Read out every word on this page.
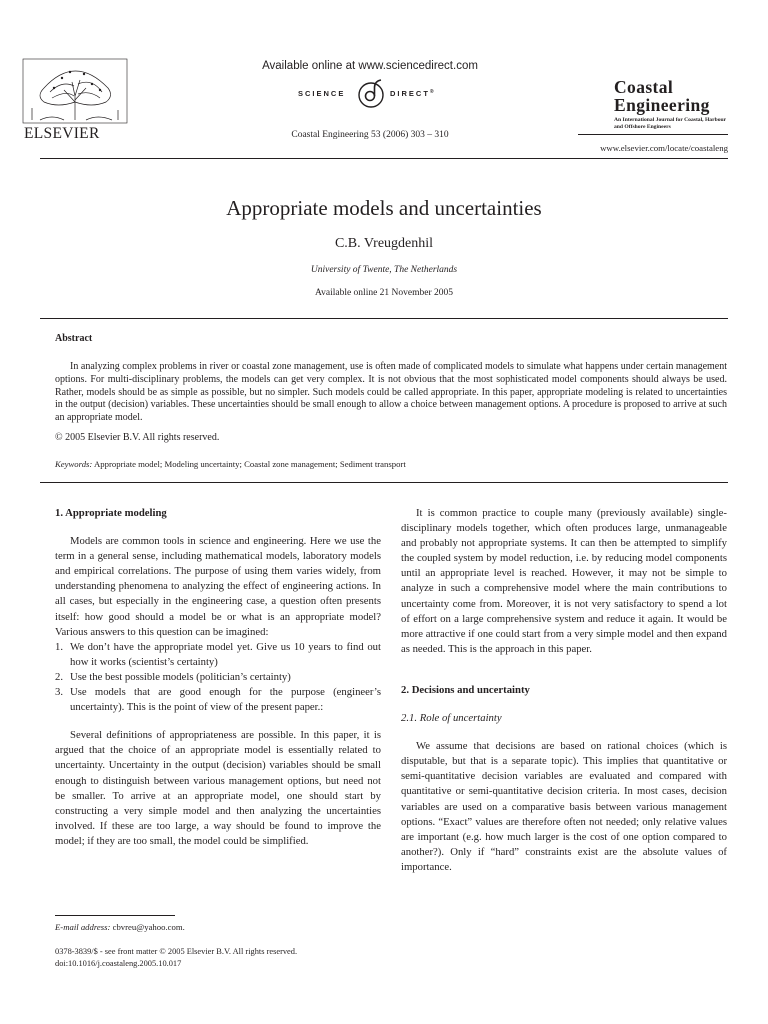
ELSEVIER
Available online at www.sciencedirect.com
SCIENCE	DIRECT®
Coastal Engineering 53 (2006) 303 – 310
Coastal
Engineering
An International Journal for Coastal, Harbour and Offshore Engineers
www.elsevier.com/locate/coastaleng
Appropriate models and uncertainties
C.B. Vreugdenhil
University of Twente, The Netherlands
Available online 21 November 2005
Abstract
In analyzing complex problems in river or coastal zone management, use is often made of complicated models to simulate what happens under certain management options. For multi-disciplinary problems, the models can get very complex. It is not obvious that the most sophisticated model components should always be used. Rather, models should be as simple as possible, but no simpler. Such models could be called appropriate. In this paper, appropriate modeling is related to uncertainties in the output (decision) variables. These uncertainties should be small enough to allow a choice between management options. A procedure is proposed to arrive at such an appropriate model.
© 2005 Elsevier B.V. All rights reserved.
Keywords: Appropriate model; Modeling uncertainty; Coastal zone management; Sediment transport
1. Appropriate modeling

Models are common tools in science and engineering. Here we use the term in a general sense, including mathematical models, laboratory models and empirical correlations. The purpose of using them varies widely, from understanding phenomena to analyzing the effect of engineering actions. In all cases, but especially in the engineering case, a question often presents itself: how good should a model be or what is an appropriate model? Various answers to this question can be imagined:

1. We don’t have the appropriate model yet. Give us 10 years to find out how it works (scientist’s certainty)
2. Use the best possible models (politician’s certainty)
3. Use models that are good enough for the purpose (engineer’s uncertainty). This is the point of view of the present paper.:

Several definitions of appropriateness are possible. In this paper, it is argued that the choice of an appropriate model is essentially related to uncertainty. Uncertainty in the output (decision) variables should be small enough to distinguish between various management options, but need not be smaller. To arrive at an appropriate model, one should start by constructing a very simple model and then analyzing the uncertainties involved. If these are too large, a way should be found to improve the model; if they are too small, the model could be simplified.

It is common practice to couple many (previously available) single-disciplinary models together, which often produces large, unmanageable and probably not appropriate systems. It can then be attempted to simplify the coupled system by model reduction, i.e. by reducing model components until an appropriate level is reached. However, it may not be simple to analyze in such a comprehensive model where the main contributions to uncertainty come from. Moreover, it is not very satisfactory to spend a lot of effort on a large comprehensive system and reduce it again. It would be more attractive if one could start from a very simple model and then expand as needed. This is the approach in this paper.

2. Decisions and uncertainty
2.1. Role of uncertainty

We assume that decisions are based on rational choices (which is disputable, but that is a separate topic). This implies that quantitative or semi-quantitative decision variables are evaluated and compared with quantitative or semi-quantitative decision criteria. In most cases, decision variables are used on a comparative basis between various management options. “Exact” values are therefore often not needed; only relative values are important (e.g. how much larger is the cost of one option compared to another?). Only if “hard” constraints exist are the absolute values of importance.

E-mail address: cbvreu@yahoo.com.
0378-3839/$ - see front matter © 2005 Elsevier B.V. All rights reserved.
doi:10.1016/j.coastaleng.2005.10.017
